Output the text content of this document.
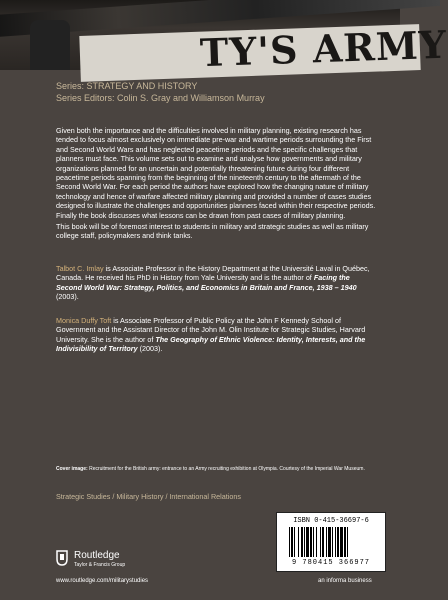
TY'S ARMY
Series: STRATEGY AND HISTORY
Series Editors: Colin S. Gray and Williamson Murray

Given both the importance and the difficulties involved in military planning, existing research has tended to focus almost exclusively on immediate pre-war and wartime periods surrounding the First and Second World Wars and has neglected peacetime periods and the specific challenges that planners must face. This volume sets out to examine and analyse how governments and military organizations planned for an uncertain and potentially threatening future during four different peacetime periods spanning from the beginning of the nineteenth century to the aftermath of the Second World War. For each period the authors have explored how the changing nature of military technology and hence of warfare affected military planning and provided a number of cases studies designed to illustrate the challenges and opportunities planners faced within their respective periods. Finally the book discusses what lessons can be drawn from past cases of military planning.

This book will be of foremost interest to students in military and strategic studies as well as military college staff, policymakers and think tanks.

Talbot C. Imlay is Associate Professor in the History Department at the Université Laval in Québec, Canada. He received his PhD in History from Yale University and is the author of Facing the Second World War: Strategy, Politics, and Economics in Britain and France, 1938 – 1940 (2003).
Monica Duffy Toft is Associate Professor of Public Policy at the John F Kennedy School of Government and the Assistant Director of the John M. Olin Institute for Strategic Studies, Harvard University. She is the author of The Geography of Ethnic Violence: Identity, Interests, and the Indivisibility of Territory (2003).
Cover image: Recruitment for the British army: entrance to an Army recruiting exhibition at Olympia. Courtesy of the Imperial War Museum.
Strategic Studies / Military History / International Relations
ISBN 0-415-36697-6
9 780415 366977
Routledge
Taylor & Francis Group
www.routledge.com/militarystudies	an informa business
